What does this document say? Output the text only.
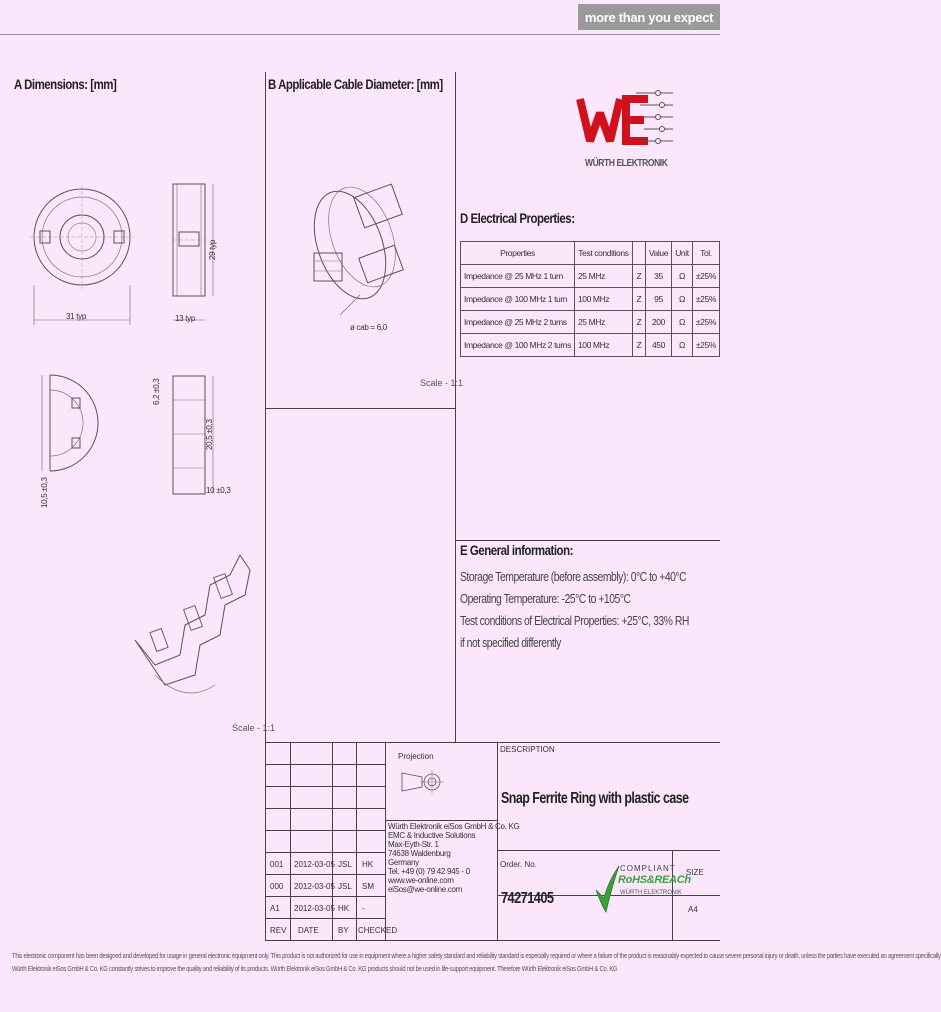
more than you expect
A Dimensions: [mm]	B Applicable Cable Diameter: [mm]
D Electrical Properties:
E General information:
31 typ
29 typ
13 typ
10,5 ±0,3
6,2 ±0,3
20,5 ±0,3
10 ±0,3
Scale - 1:1
ø cab = 6,0
Scale - 1:1
WÜRTH ELEKTRONIK
Properties	Test conditions		Value	Unit	Tol.
Impedance @ 25 MHz 1 turn	25 MHz	Z	35	Ω	±25%
Impedance @ 100 MHz 1 turn	100 MHz	Z	95	Ω	±25%
Impedance @ 25 MHz 2 turns	25 MHz	Z	200	Ω	±25%
Impedance @ 100 MHz 2 turns	100 MHz	Z	450	Ω	±25%
Storage Temperature (before assembly): 0°C to +40°C
Operating Temperature: -25°C to +105°C
Test conditions of Electrical Properties: +25°C, 33% RH
if not specified differently
Projection
Würth Elektronik eiSos GmbH & Co. KG
EMC & Inductive Solutions
Max-Eyth-Str. 1
74638 Waldenburg
Germany
Tel. +49 (0) 79 42 945 - 0
www.we-online.com
eiSos@we-online.com
001 2012-03-05 JSL HK
000 2012-03-05 JSL SM
A1 2012-03-05 HK -
REV DATE BY CHECKED
DESCRIPTION
Snap Ferrite Ring with plastic case
Order. No.
74271405
COMPLIANT
RoHS&REACh
WÜRTH ELEKTRONIK
SIZE
A4
This electronic component has been designed and developed for usage in general electronic equipment only. This product is not authorized for use in equipment where a higher safety standard and reliability standard is especially required or where a failure of the product is reasonably expected to cause severe personal injury or death, unless the parties have executed an agreement specifically
Würth Elektronik eiSos GmbH & Co. KG constantly strives to improve the quality and reliability of its products. Würth Elektronik eiSos GmbH & Co. KG products should not be used in life-support equipment. Therefore Würth Elektronik eiSos GmbH & Co. KG
